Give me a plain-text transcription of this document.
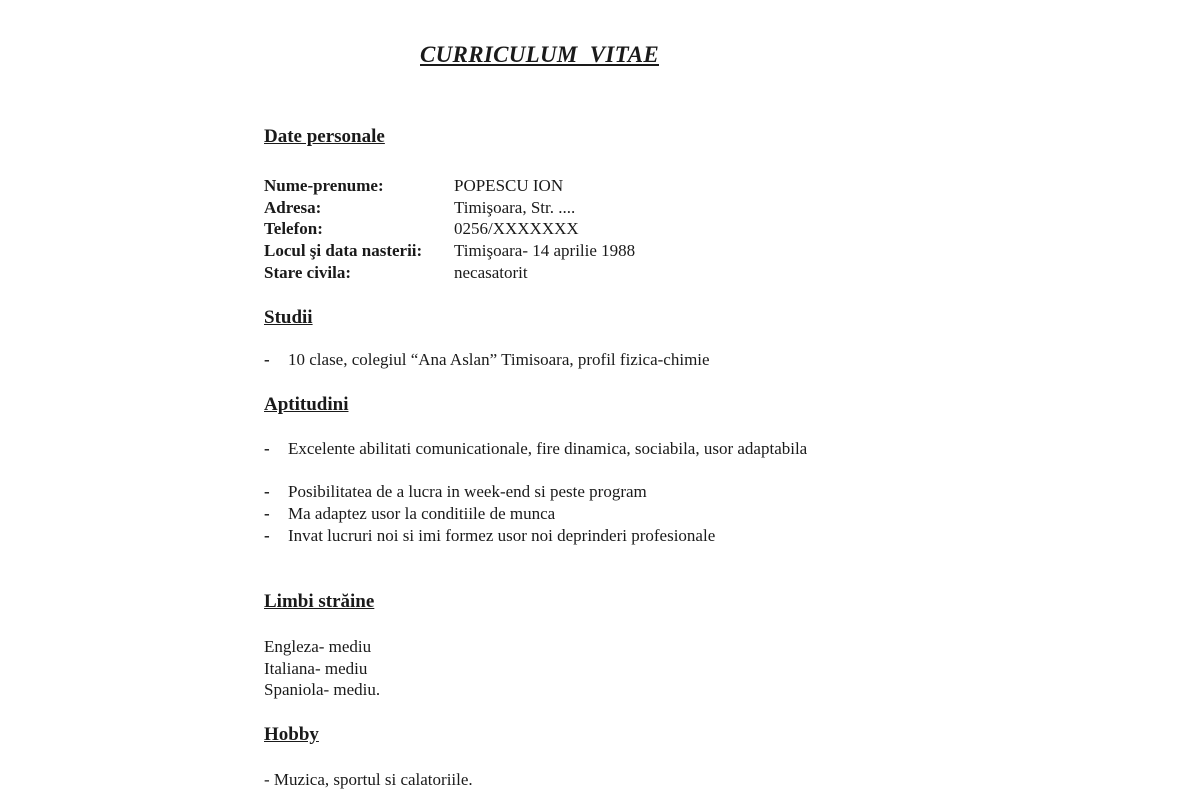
CURRICULUM  VITAE
Date personale
Nume-prenume:	POPESCU ION
Adresa:	Timişoara, Str. ....
Telefon:	0256/XXXXXXX
Locul şi data nasterii: Timişoara- 14 aprilie 1988
Stare civila:	necasatorit
Studii
- 10 clase, colegiul “Ana Aslan” Timisoara, profil fizica-chimie
Aptitudini
- Excelente abilitati comunicationale, fire dinamica, sociabila, usor adaptabila
- Posibilitatea de a lucra in week-end si peste program
- Ma adaptez usor la conditiile de munca
- Invat lucruri noi si imi formez usor noi deprinderi profesionale
Limbi străine
Engleza- mediu
Italiana- mediu
Spaniola- mediu.
Hobby
- Muzica, sportul si calatoriile.
